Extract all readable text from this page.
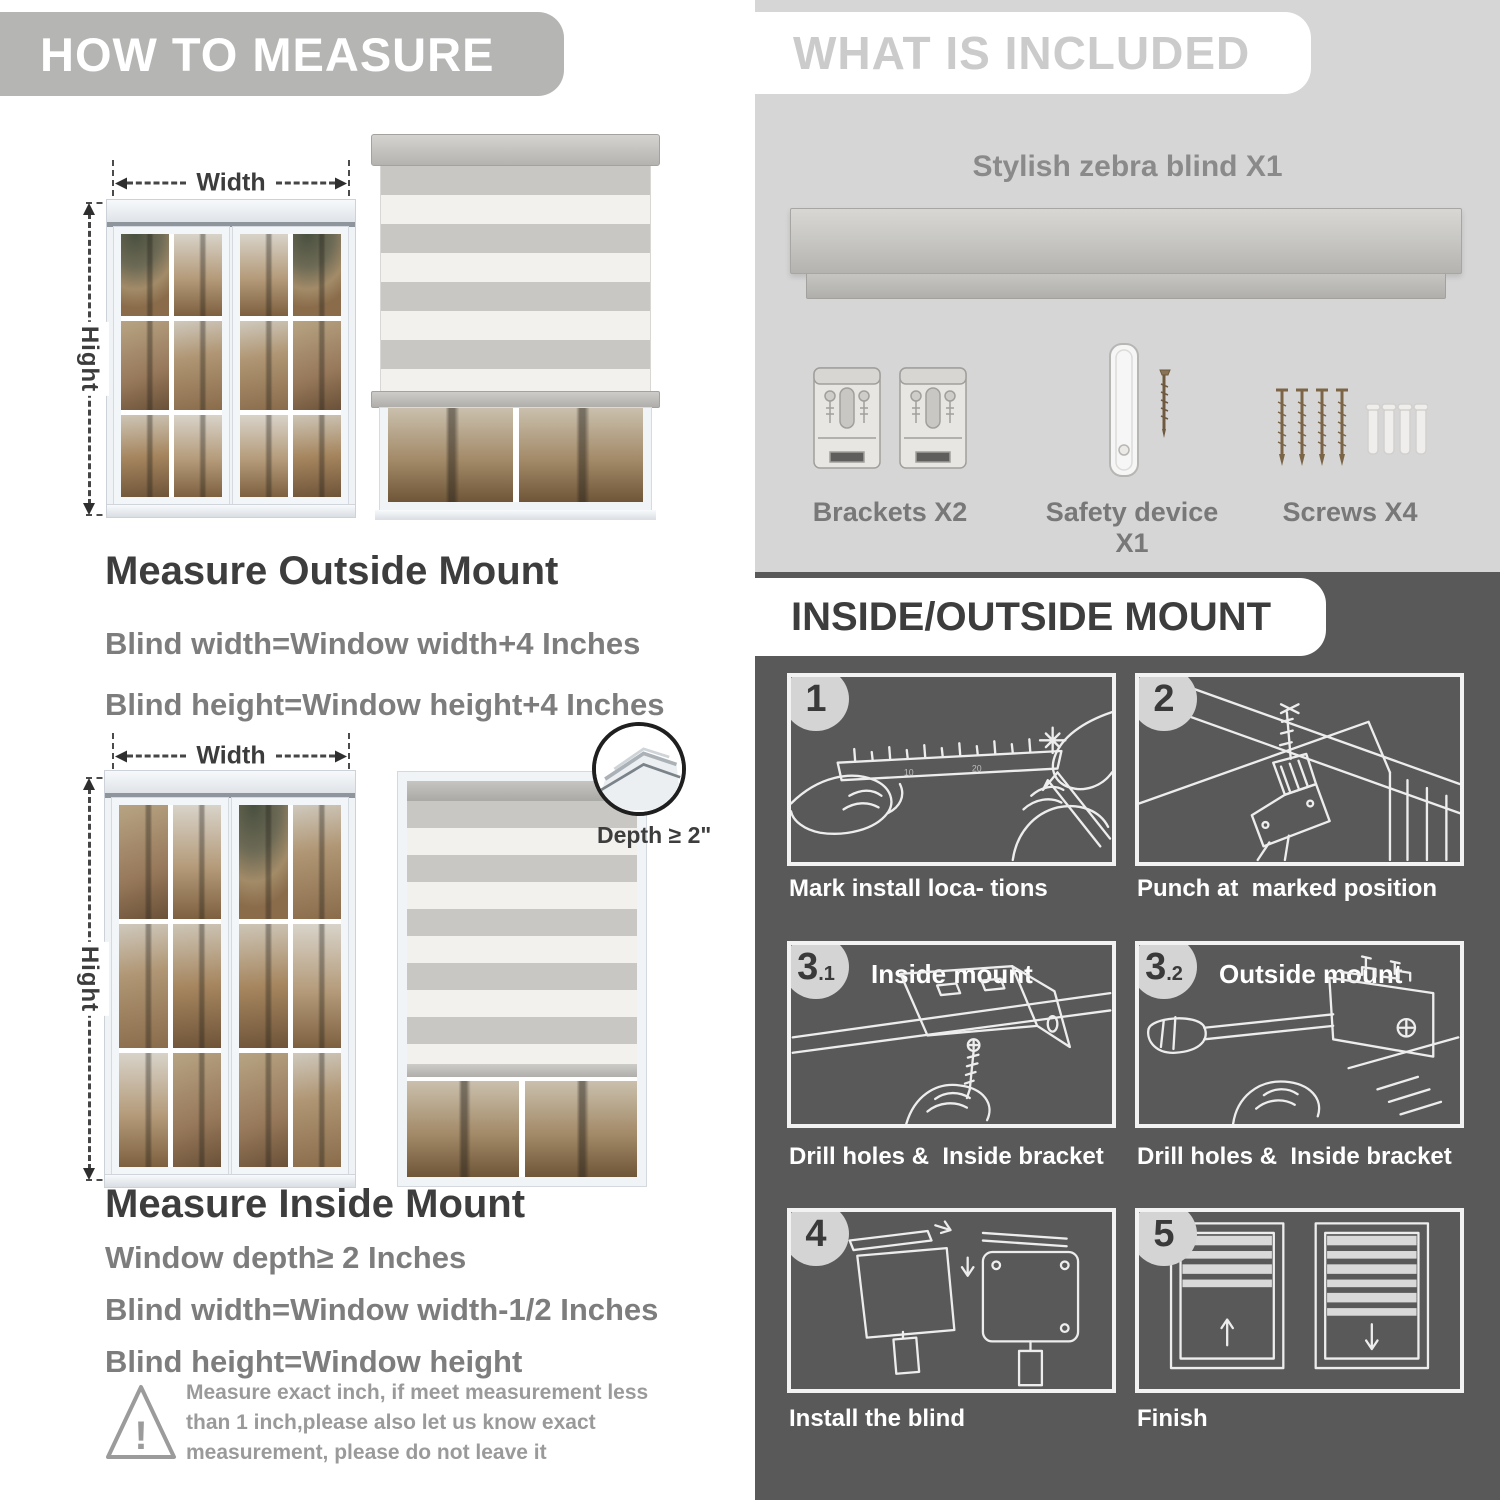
HOW TO MEASURE
Width
Hight
Measure Outside Mount
Blind width=Window width+4 Inches
Blind height=Window height+4 Inches
Width
Hight
Depth ≥ 2"
Measure Inside Mount
Window depth≥ 2 Inches
Blind width=Window width-1/2 Inches
Blind height=Window height
!
Measure exact inch, if meet measurement less than 1 inch,please also let us know exact measurement, please do not leave it
WHAT IS INCLUDED
Stylish zebra blind X1
Brackets X2	Safety device X1
Screws X4
INSIDE/OUTSIDE MOUNT
1
10	20
Mark install loca- tions
2
Punch at  marked position
3 .1 Inside mount
Drill holes &  Inside bracket
3 .2 Outside mount
Drill holes &  Inside bracket
4
Install the blind
5
Finish
